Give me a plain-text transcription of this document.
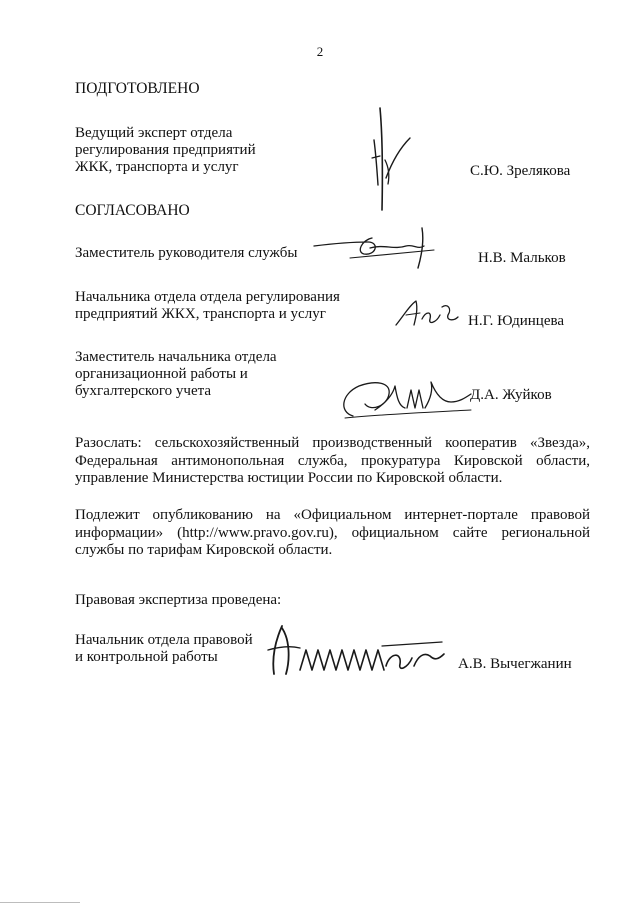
2
ПОДГОТОВЛЕНО
Ведущий эксперт отдела
регулирования предприятий
ЖКК, транспорта и услуг	С.Ю. Зрелякова
СОГЛАСОВАНО
Заместитель руководителя службы	Н.В. Мальков
Начальника отдела отдела регулирования
предприятий ЖКХ, транспорта и услуг	Н.Г. Юдинцева
Заместитель начальника отдела
организационной работы и
бухгалтерского учета	Д.А. Жуйков
Разослать: сельскохозяйственный производственный кооператив «Звезда», Федеральная антимонопольная служба, прокуратура Кировской области, управление Министерства юстиции России по Кировской области.
Подлежит опубликованию на «Официальном интернет-портале правовой информации» (http://www.pravo.gov.ru), официальном сайте региональной службы по тарифам Кировской области.
Правовая экспертиза проведена:
Начальник отдела правовой
и контрольной работы	А.В. Вычегжанин
